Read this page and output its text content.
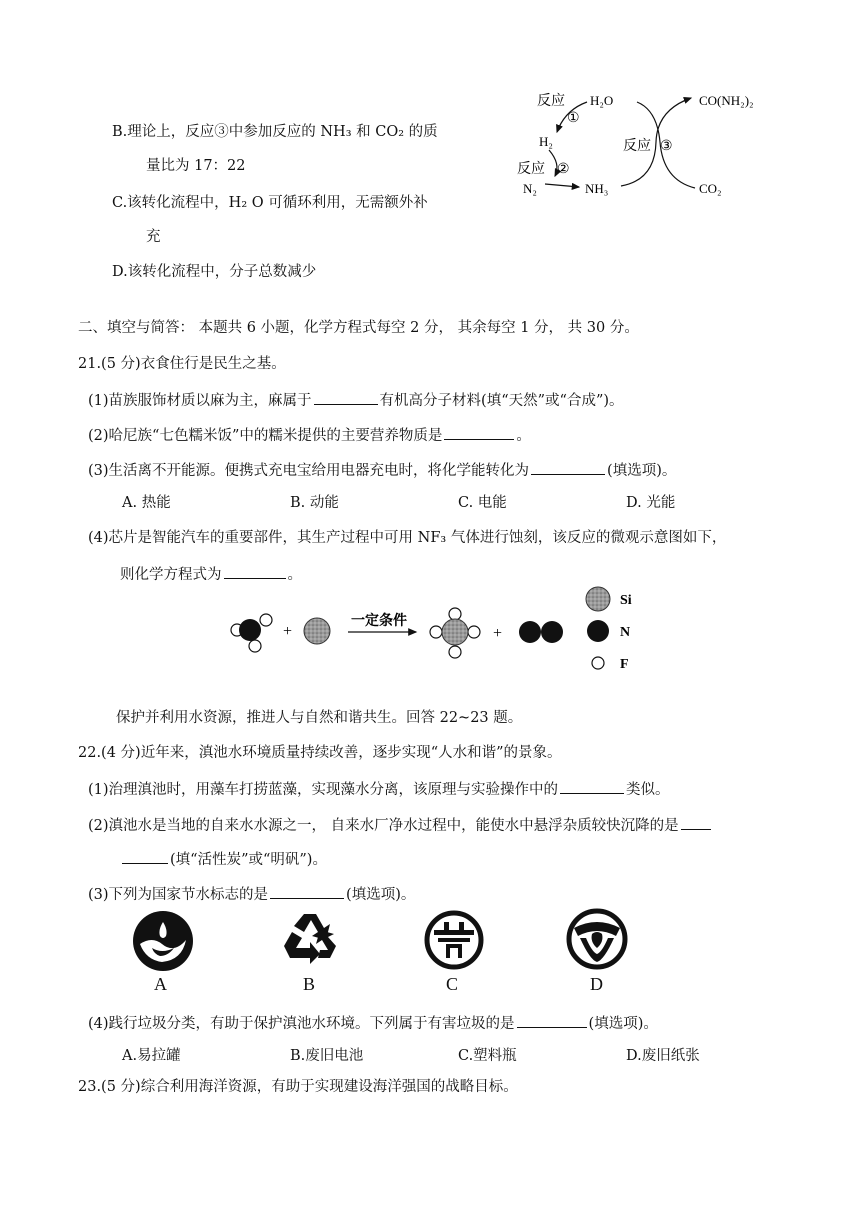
B.理论上，反应③中参加反应的 NH₃ 和 CO₂ 的质
量比为 17：22
C.该转化流程中，H₂ O 可循环利用，无需额外补
充
D.该转化流程中，分子总数减少
反应
①
H₂O
H₂
反应 ②
N₂	NH₃
反应 ③
CO(NH₂)₂
CO₂
二、填空与简答： 本题共 6 小题，化学方程式每空 2 分， 其余每空 1 分， 共 30 分。
21.(5 分)衣食住行是民生之基。
(1)苗族服饰材质以麻为主，麻属于	有机高分子材料(填“天然”或“合成”)。
(2)哈尼族“七色糯米饭”中的糯米提供的主要营养物质是	。
(3)生活离不开能源。便携式充电宝给用电器充电时，将化学能转化为	(填选项)。
A. 热能	B. 动能	C. 电能	D. 光能
(4)芯片是智能汽车的重要部件，其生产过程中可用 NF₃ 气体进行蚀刻，该反应的微观示意图如下，
则化学方程式为	。
+
一定条件
+
Si
N
F
保护并利用水资源，推进人与自然和谐共生。回答 22~23 题。
22.(4 分)近年来，滇池水环境质量持续改善，逐步实现“人水和谐”的景象。
(1)治理滇池时，用藻车打捞蓝藻，实现藻水分离，该原理与实验操作中的	类似。
(2)滇池水是当地的自来水水源之一， 自来水厂净水过程中，能使水中悬浮杂质较快沉降的是
(填“活性炭”或“明矾”)。
(3)下列为国家节水标志的是	(填选项)。
A	B	C	D
(4)践行垃圾分类，有助于保护滇池水环境。下列属于有害垃圾的是	(填选项)。
A.易拉罐	B.废旧电池	C.塑料瓶	D.废旧纸张
23.(5 分)综合利用海洋资源，有助于实现建设海洋强国的战略目标。
